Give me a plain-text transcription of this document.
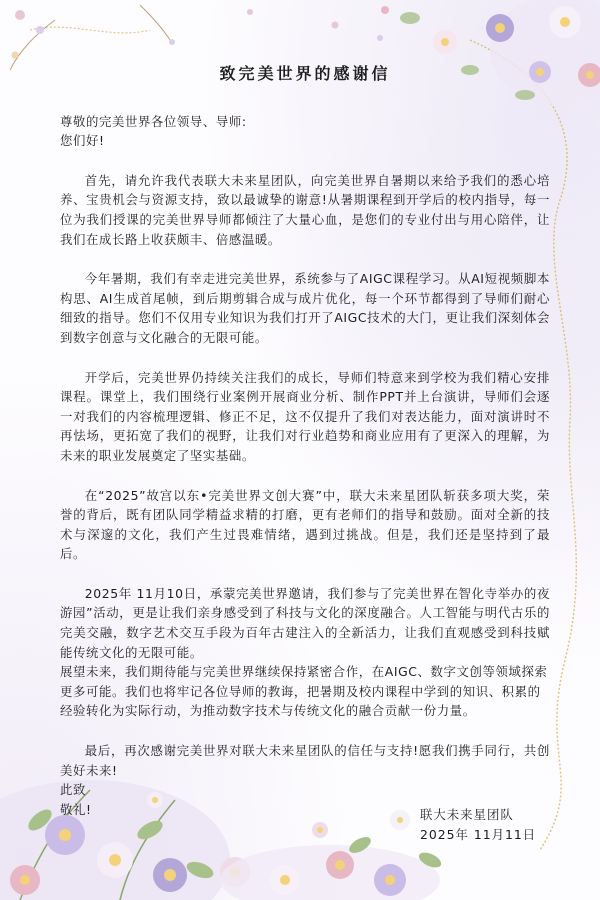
致完美世界的感谢信

尊敬的完美世界各位领导、导师:

您们好!

首先，请允许我代表联大未来星团队，向完美世界自暑期以来给予我们的悉心培养、宝贵机会与资源支持，致以最诚挚的谢意!从暑期课程到开学后的校内指导，每一位为我们授课的完美世界导师都倾注了大量心血，是您们的专业付出与用心陪伴，让我们在成长路上收获颇丰、倍感温暖。

今年暑期，我们有幸走进完美世界，系统参与了AIGC课程学习。从AI短视频脚本构思、AI生成首尾帧，到后期剪辑合成与成片优化，每一个环节都得到了导师们耐心细致的指导。您们不仅用专业知识为我们打开了AIGC技术的大门，更让我们深刻体会到数字创意与文化融合的无限可能。

开学后，完美世界仍持续关注我们的成长，导师们特意来到学校为我们精心安排课程。课堂上，我们围绕行业案例开展商业分析、制作PPT并上台演讲，导师们会逐一对我们的内容梳理逻辑、修正不足，这不仅提升了我们对表达能力，面对演讲时不再怯场，更拓宽了我们的视野，让我们对行业趋势和商业应用有了更深入的理解，为未来的职业发展奠定了坚实基础。

在“2025”故宫以东•完美世界文创大赛”中，联大未来星团队斩获多项大奖，荣誉的背后，既有团队同学精益求精的打磨，更有老师们的指导和鼓励。面对全新的技术与深邃的文化，我们产生过畏难情绪，遇到过挑战。但是，我们还是坚持到了最后。

2025年 11月10日，承蒙完美世界邀请，我们参与了完美世界在智化寺举办的夜游园”活动，更是让我们亲身感受到了科技与文化的深度融合。人工智能与明代古乐的完美交融，数字艺术交互手段为百年古建注入的全新活力，让我们直观感受到科技赋能传统文化的无限可能。

展望未来，我们期待能与完美世界继续保持紧密合作，在AIGC、数字文创等领域探索更多可能。我们也将牢记各位导师的教诲，把暑期及校内课程中学到的知识、积累的经验转化为实际行动，为推动数字技术与传统文化的融合贡献一份力量。

最后，再次感谢完美世界对联大未来星团队的信任与支持!愿我们携手同行，共创美好未来!

此致

敬礼!	联大未来星团队
2025年 11月11日
